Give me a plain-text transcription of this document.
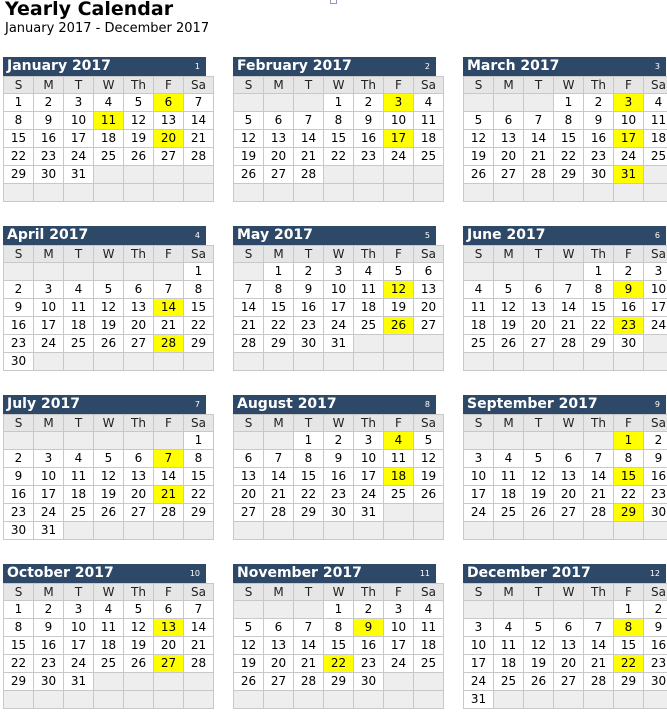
Yearly Calendar
January 2017 - December 2017
January 2017	1
S	M	T	W	Th	F	Sa
1	2	3	4	5	6	7
8	9	10	11	12	13	14
15	16	17	18	19	20	21
22	23	24	25	26	27	28
29	30	31				

February 2017	2
S	M	T	W	Th	F	Sa
			1	2	3	4
5	6	7	8	9	10	11
12	13	14	15	16	17	18
19	20	21	22	23	24	25
26	27	28				

March 2017	3
S	M	T	W	Th	F	Sa
			1	2	3	4
5	6	7	8	9	10	11
12	13	14	15	16	17	18
19	20	21	22	23	24	25
26	27	28	29	30	31	

April 2017	4
S	M	T	W	Th	F	Sa
						1
2	3	4	5	6	7	8
9	10	11	12	13	14	15
16	17	18	19	20	21	22
23	24	25	26	27	28	29
30						
May 2017	5
S	M	T	W	Th	F	Sa
	1	2	3	4	5	6
7	8	9	10	11	12	13
14	15	16	17	18	19	20
21	22	23	24	25	26	27
28	29	30	31			

June 2017	6
S	M	T	W	Th	F	Sa
				1	2	3
4	5	6	7	8	9	10
11	12	13	14	15	16	17
18	19	20	21	22	23	24
25	26	27	28	29	30	

July 2017	7
S	M	T	W	Th	F	Sa
						1
2	3	4	5	6	7	8
9	10	11	12	13	14	15
16	17	18	19	20	21	22
23	24	25	26	27	28	29
30	31					
August 2017	8
S	M	T	W	Th	F	Sa
		1	2	3	4	5
6	7	8	9	10	11	12
13	14	15	16	17	18	19
20	21	22	23	24	25	26
27	28	29	30	31		

September 2017	9
S	M	T	W	Th	F	Sa
					1	2
3	4	5	6	7	8	9
10	11	12	13	14	15	16
17	18	19	20	21	22	23
24	25	26	27	28	29	30

October 2017	10
S	M	T	W	Th	F	Sa
1	2	3	4	5	6	7
8	9	10	11	12	13	14
15	16	17	18	19	20	21
22	23	24	25	26	27	28
29	30	31				

November 2017	11
S	M	T	W	Th	F	Sa
			1	2	3	4
5	6	7	8	9	10	11
12	13	14	15	16	17	18
19	20	21	22	23	24	25
26	27	28	29	30		

December 2017	12
S	M	T	W	Th	F	Sa
					1	2
3	4	5	6	7	8	9
10	11	12	13	14	15	16
17	18	19	20	21	22	23
24	25	26	27	28	29	30
31						
